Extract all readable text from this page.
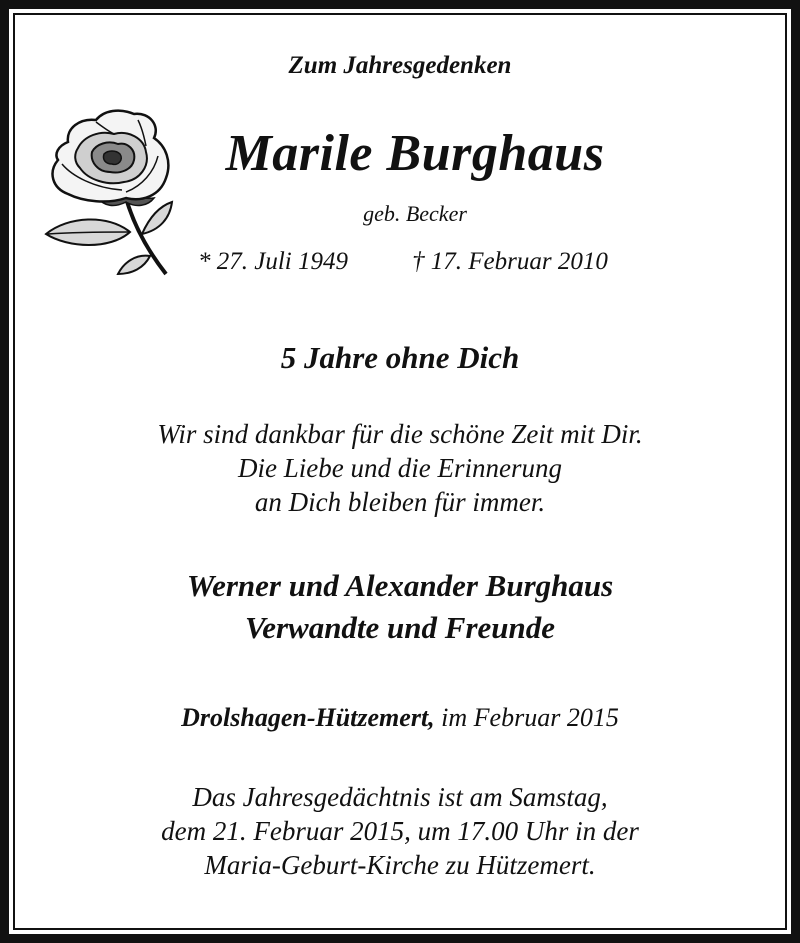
Zum Jahresgedenken
Marile Burghaus
geb. Becker
* 27. Juli 1949	† 17. Februar 2010
5 Jahre ohne Dich
Wir sind dankbar für die schöne Zeit mit Dir.
Die Liebe und die Erinnerung
an Dich bleiben für immer.
Werner und Alexander Burghaus
Verwandte und Freunde
Drolshagen-Hützemert, im Februar 2015
Das Jahresgedächtnis ist am Samstag,
dem 21. Februar 2015, um 17.00 Uhr in der
Maria-Geburt-Kirche zu Hützemert.
